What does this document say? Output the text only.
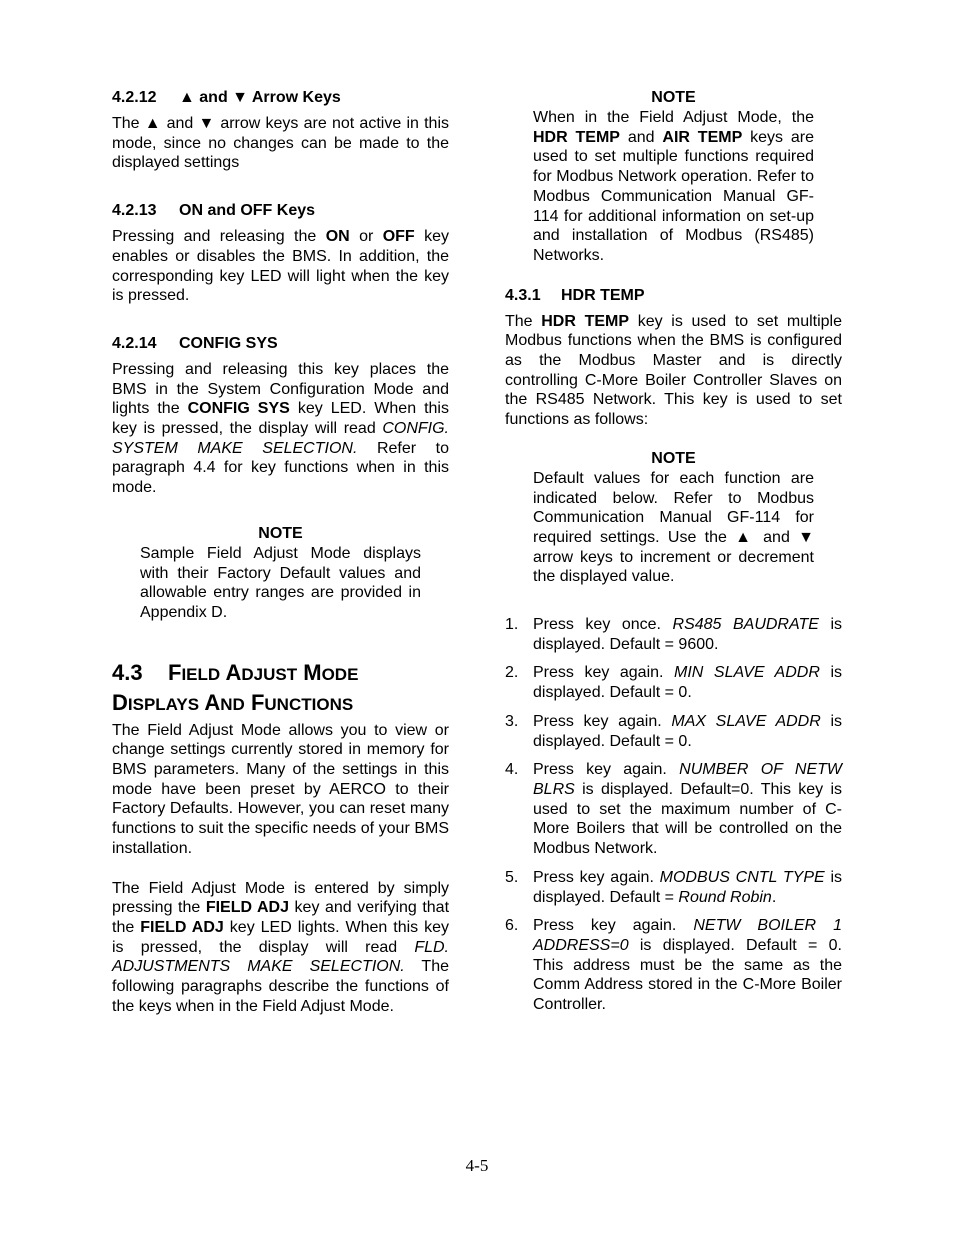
4.2.12 ▲ and ▼ Arrow Keys

The ▲ and ▼ arrow keys are not active in this mode, since no changes can be made to the displayed settings

4.2.13 ON and OFF Keys

Pressing and releasing the ON or OFF key enables or disables the BMS. In addition, the corresponding key LED will light when the key is pressed.

4.2.14 CONFIG SYS

Pressing and releasing this key places the BMS in the System Configuration Mode and lights the CONFIG SYS key LED. When this key is pressed, the display will read CONFIG. SYSTEM MAKE SELECTION. Refer to paragraph 4.4 for key functions when in this mode.

NOTE

Sample Field Adjust Mode displays with their Factory Default values and allowable entry ranges are provided in Appendix D.

4.3 FIELD ADJUST MODE
DISPLAYS AND FUNCTIONS

The Field Adjust Mode allows you to view or change settings currently stored in memory for BMS parameters. Many of the settings in this mode have been preset by AERCO to their Factory Defaults. However, you can reset many functions to suit the specific needs of your BMS installation.

The Field Adjust Mode is entered by simply pressing the FIELD ADJ key and verifying that the FIELD ADJ key LED lights. When this key is pressed, the display will read FLD. ADJUSTMENTS MAKE SELECTION. The following paragraphs describe the functions of the keys when in the Field Adjust Mode.

NOTE

When in the Field Adjust Mode, the HDR TEMP and AIR TEMP keys are used to set multiple functions required for Modbus Network operation. Refer to Modbus Communication Manual GF-114 for additional information on set-up and installation of Modbus (RS485) Networks.

4.3.1 HDR TEMP

The HDR TEMP key is used to set multiple Modbus functions when the BMS is configured as the Modbus Master and is directly controlling C-More Boiler Controller Slaves on the RS485 Network. This key is used to set functions as follows:

NOTE

Default values for each function are indicated below. Refer to Modbus Communication Manual GF-114 for required settings. Use the ▲ and ▼ arrow keys to increment or decrement the displayed value.

1. Press key once. RS485 BAUDRATE is displayed. Default = 9600.
2. Press key again. MIN SLAVE ADDR is displayed. Default = 0.
3. Press key again. MAX SLAVE ADDR is displayed. Default = 0.
4. Press key again. NUMBER OF NETW BLRS is displayed. Default=0. This key is used to set the maximum number of C-More Boilers that will be controlled on the Modbus Network.
5. Press key again. MODBUS CNTL TYPE is displayed. Default = Round Robin.
6. Press key again. NETW BOILER 1 ADDRESS=0 is displayed. Default = 0. This address must be the same as the Comm Address stored in the C-More Boiler Controller.
4-5
